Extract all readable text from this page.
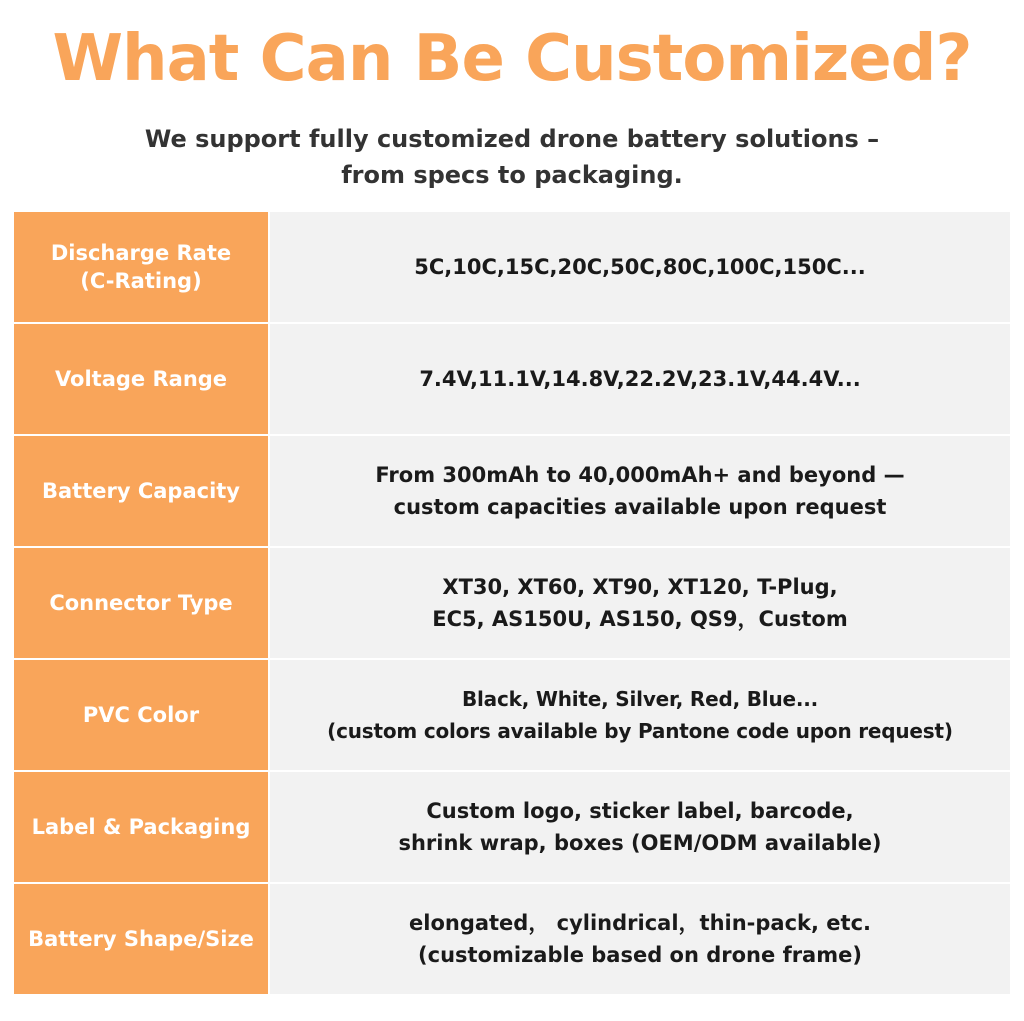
What Can Be Customized?
We support fully customized drone battery solutions –
from specs to packaging.
Discharge Rate
(C-Rating)
5C,10C,15C,20C,50C,80C,100C,150C...
Voltage Range	7.4V,11.1V,14.8V,22.2V,23.1V,44.4V...
Battery Capacity
From 300mAh to 40,000mAh+ and beyond —
custom capacities available upon request
Connector Type
XT30, XT60, XT90, XT120, T-Plug,
EC5, AS150U, AS150, QS9，Custom
PVC Color
Black, White, Silver, Red, Blue...
(custom colors available by Pantone code upon request)
Label & Packaging
Custom logo, sticker label, barcode,
shrink wrap, boxes (OEM/ODM available)
Battery Shape/Size
elongated， cylindrical，thin-pack, etc.
(customizable based on drone frame)
